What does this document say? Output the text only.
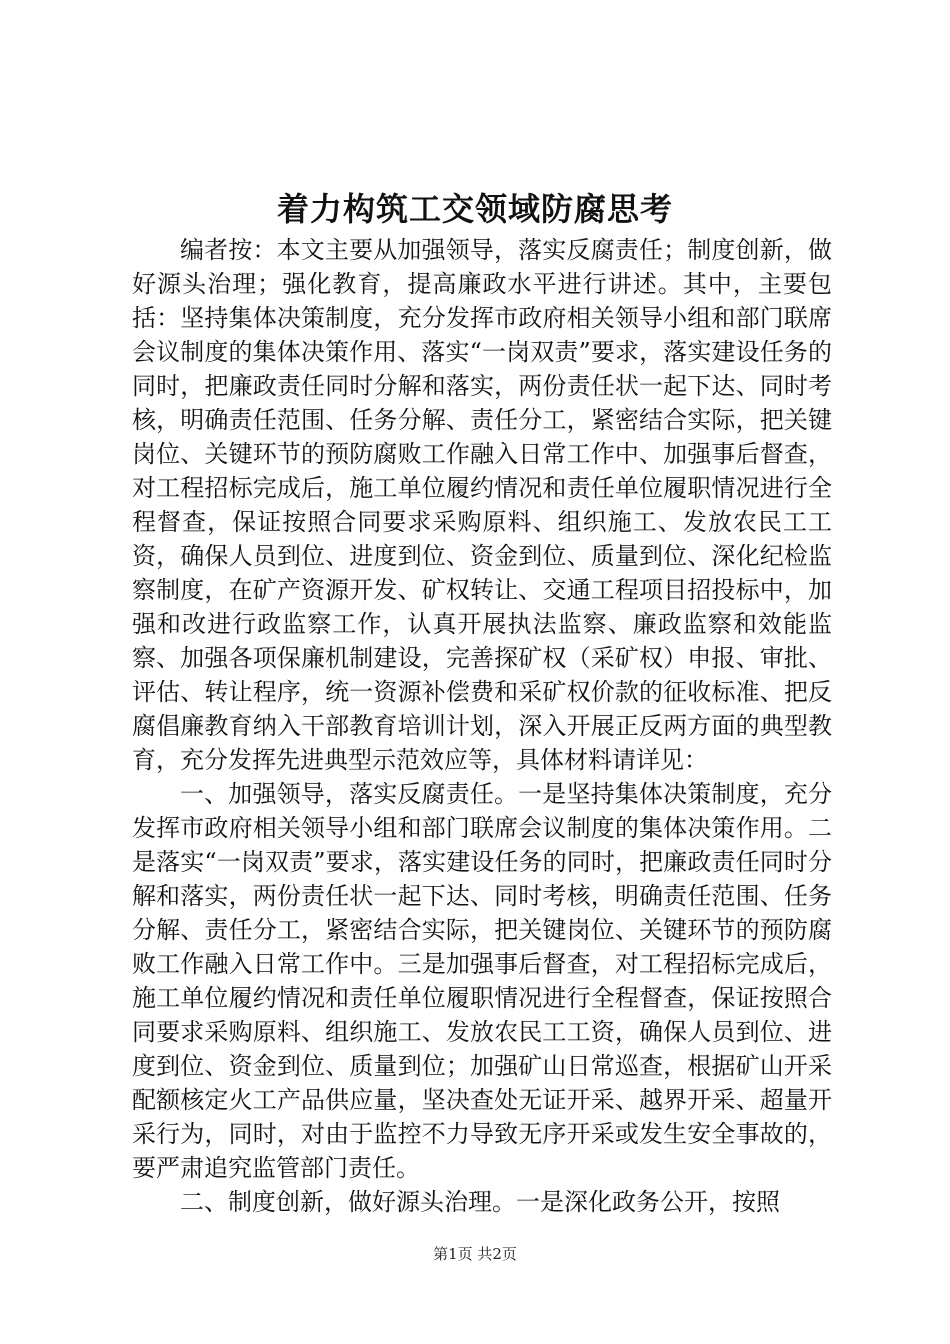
着力构筑工交领域防腐思考

编者按：本文主要从加强领导，落实反腐责任；制度创新，做好源头治理；强化教育，提高廉政水平进行讲述。其中，主要包括：坚持集体决策制度，充分发挥市政府相关领导小组和部门联席会议制度的集体决策作用、落实“一岗双责”要求，落实建设任务的同时，把廉政责任同时分解和落实，两份责任状一起下达、同时考核，明确责任范围、任务分解、责任分工，紧密结合实际，把关键岗位、关键环节的预防腐败工作融入日常工作中、加强事后督查，对工程招标完成后，施工单位履约情况和责任单位履职情况进行全程督查，保证按照合同要求采购原料、组织施工、发放农民工工资，确保人员到位、进度到位、资金到位、质量到位、深化纪检监察制度，在矿产资源开发、矿权转让、交通工程项目招投标中，加强和改进行政监察工作，认真开展执法监察、廉政监察和效能监察、加强各项保廉机制建设，完善探矿权（采矿权）申报、审批、评估、转让程序，统一资源补偿费和采矿权价款的征收标准、把反腐倡廉教育纳入干部教育培训计划，深入开展正反两方面的典型教育，充分发挥先进典型示范效应等，具体材料请详见：

一、加强领导，落实反腐责任。一是坚持集体决策制度，充分发挥市政府相关领导小组和部门联席会议制度的集体决策作用。二是落实“一岗双责”要求，落实建设任务的同时，把廉政责任同时分解和落实，两份责任状一起下达、同时考核，明确责任范围、任务分解、责任分工，紧密结合实际，把关键岗位、关键环节的预防腐败工作融入日常工作中。三是加强事后督查，对工程招标完成后，施工单位履约情况和责任单位履职情况进行全程督查，保证按照合同要求采购原料、组织施工、发放农民工工资，确保人员到位、进度到位、资金到位、质量到位；加强矿山日常巡查，根据矿山开采配额核定火工产品供应量，坚决查处无证开采、越界开采、超量开采行为，同时，对由于监控不力导致无序开采或发生安全事故的，要严肃追究监管部门责任。

二、制度创新，做好源头治理。一是深化政务公开，按照

第1页 共2页
